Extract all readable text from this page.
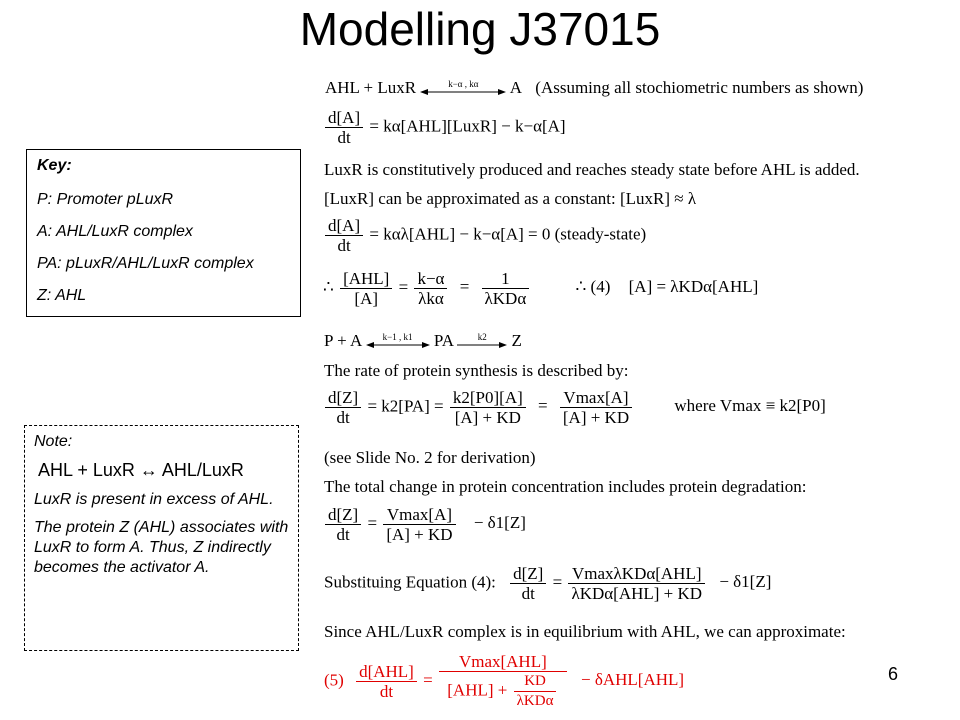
Modelling J37015
Key:
P: Promoter pLuxR
A: AHL/LuxR complex
PA: pLuxR/AHL/LuxR complex
Z: AHL

Note:

AHL + LuxR ↔ AHL/LuxR

LuxR is present in excess of AHL.

The protein Z (AHL) associates with LuxR to form A. Thus, Z indirectly becomes the activator A.

AHL + LuxR	k−α , kα	A (Assuming all stochiometric numbers as shown)
$\frac{d[A]}{dt}$ = kα[AHL][LuxR] − k−α[A]
LuxR is constitutively produced and reaches steady state before AHL is added.
[LuxR] can be approximated as a constant: [LuxR] ≈ λ
$\frac{d[A]}{dt} = k\alpha\lambda[AHL] - k-\alpha[A] = 0$ (steady-state)
∴ $\frac{\text{[AHL]}}{[A]} = \frac{k-\alpha}{\text{λkα}} = \frac{1}{\text{λKDα}}$	∴ (4) [A] = λKDα[AHL]
P + A	k−1 , k1	PA	k2	Z
The rate of protein synthesis is described by:
$\frac{d[Z]}{dt} = k2[PA] = \frac{k2[P0][A]}{[A] + KD} = \frac{Vmax[A]}{[A] + KD}$ where Vmax ≡ k2[P0]
(see Slide No. 2 for derivation)
The total change in protein concentration includes protein degradation:
$\frac{d[Z]}{dt} = \frac{Vmax[A]}{[A] + KD} - \delta 1[Z]$
Substituing Equation (4): $\frac{d[Z]}{dt} = \frac{\text{VmaxλKDα[AHL]}}{\text{λKDα[AHL] + KD}} - \delta 1[Z]$
Since AHL/LuxR complex is in equilibrium with AHL, we can approximate:
$(5) \frac{\text{d[AHL]}}{dt} = \frac{\text{Vmax[AHL]}}{[AHL] + \frac{KD}{\text{λKDα}}} - \delta AHL[AHL]$	6
